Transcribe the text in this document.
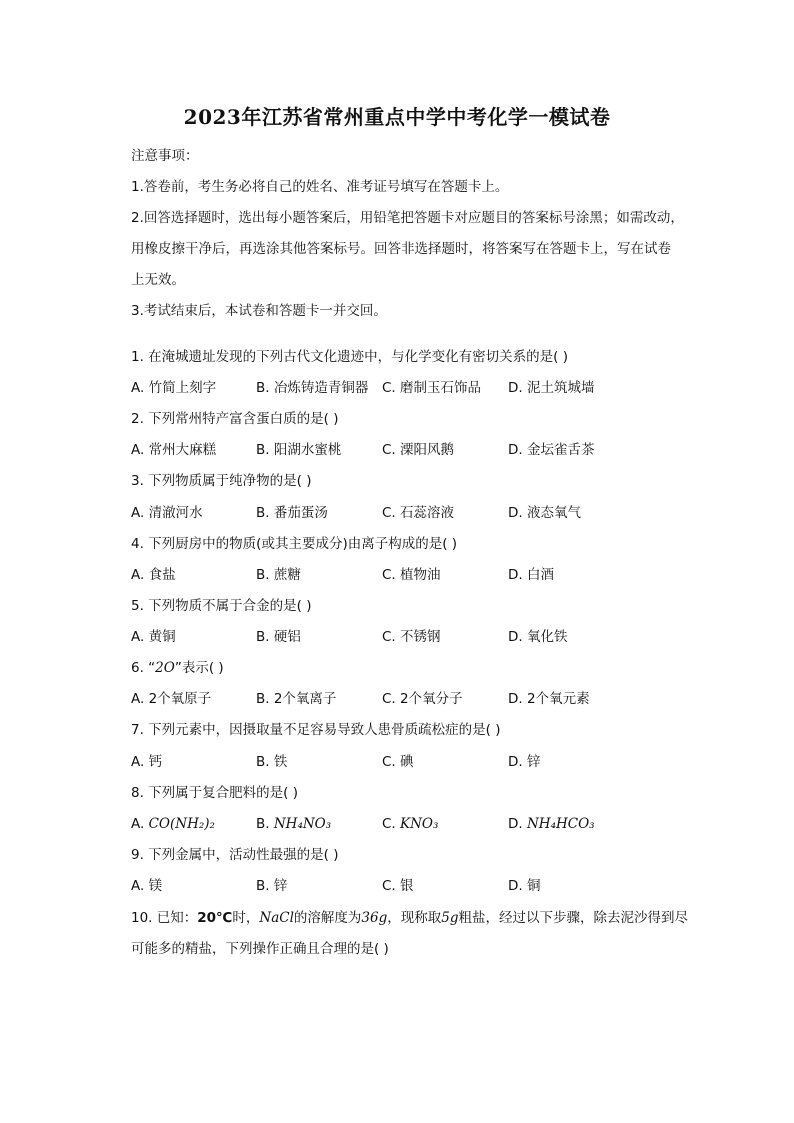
2023年江苏省常州重点中学中考化学一模试卷
注意事项：
1.答卷前，考生务必将自己的姓名、准考证号填写在答题卡上。
2.回答选择题时，选出每小题答案后，用铅笔把答题卡对应题目的答案标号涂黑；如需改动，
用橡皮擦干净后，再选涂其他答案标号。回答非选择题时，将答案写在答题卡上，写在试卷
上无效。
3.考试结束后，本试卷和答题卡一并交回。
1. 在淹城遗址发现的下列古代文化遗迹中，与化学变化有密切关系的是( )
A. 竹简上刻字	B. 冶炼铸造青铜器 C. 磨制玉石饰品 D. 泥土筑城墙
2. 下列常州特产富含蛋白质的是( )
A. 常州大麻糕	B. 阳湖水蜜桃	C. 溧阳风鹅	D. 金坛雀舌茶
3. 下列物质属于纯净物的是( )
A. 清澈河水	B. 番茄蛋汤	C. 石蕊溶液	D. 液态氧气
4. 下列厨房中的物质(或其主要成分)由离子构成的是( )
A. 食盐	B. 蔗糖	C. 植物油	D. 白酒
5. 下列物质不属于合金的是( )
A. 黄铜	B. 硬铝	C. 不锈钢	D. 氧化铁
6. “2O”表示( )
A. 2个氧原子	B. 2个氧离子	C. 2个氧分子	D. 2个氧元素
7. 下列元素中，因摄取量不足容易导致人患骨质疏松症的是( )
A. 钙	B. 铁	C. 碘	D. 锌
8. 下列属于复合肥料的是( )
A. CO(NH₂)₂	B. NH₄NO₃	C. KNO₃	D. NH₄HCO₃
9. 下列金属中，活动性最强的是( )
A. 镁	B. 锌	C. 银	D. 铜
10. 已知：20℃时，NaCl的溶解度为36g，现称取5g粗盐，经过以下步骤，除去泥沙得到尽
可能多的精盐，下列操作正确且合理的是( )
